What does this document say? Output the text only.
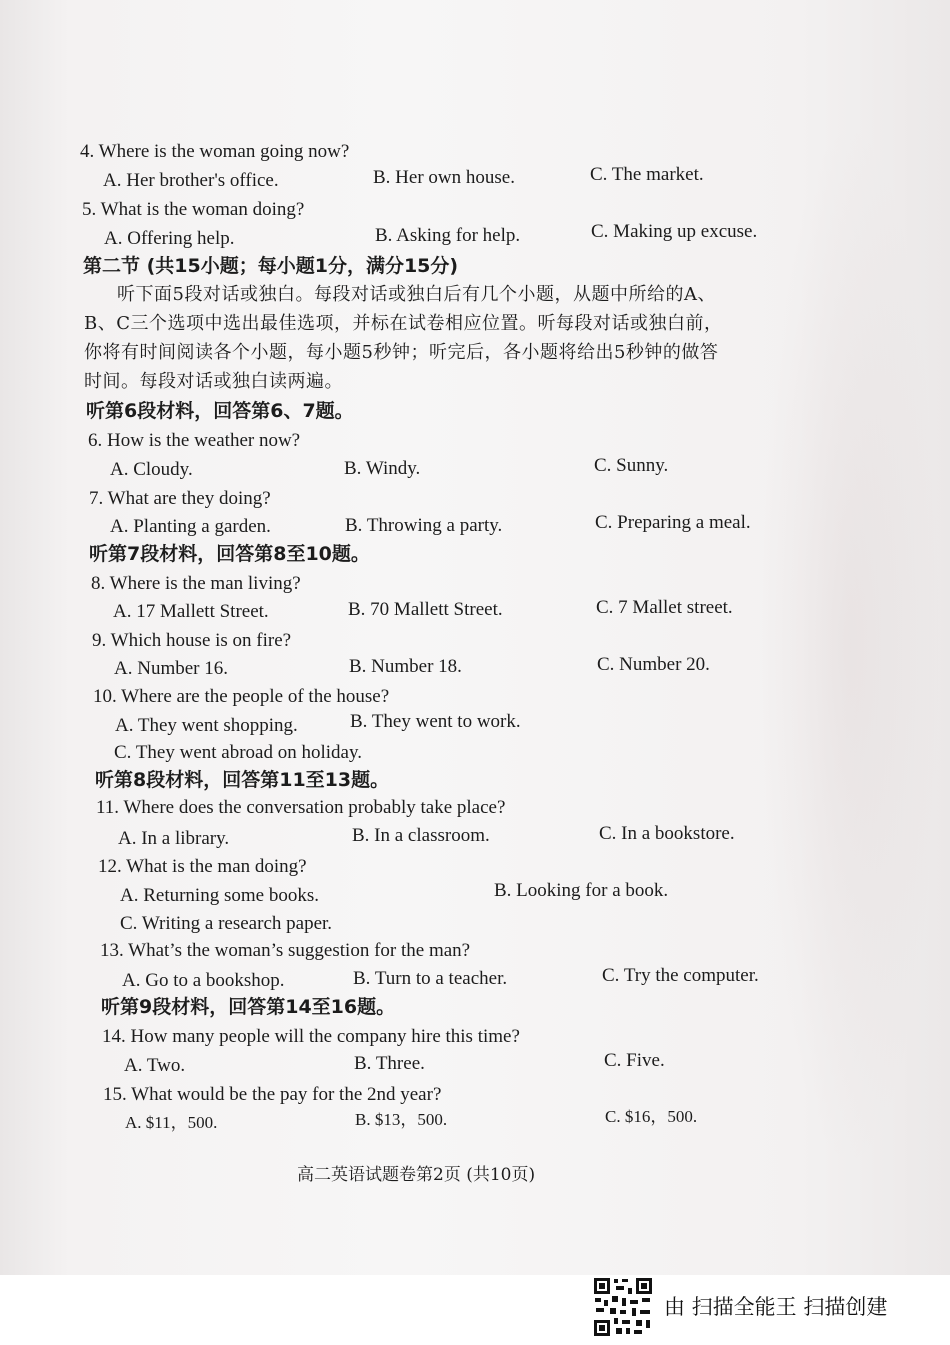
4. Where is the woman going now?
A. Her brother's office.	B. Her own house.	C. The market.
5. What is the woman doing?
A. Offering help.	B. Asking for help.	C. Making up excuse.
第二节 (共15小题；每小题1分，满分15分)
听下面5段对话或独白。每段对话或独白后有几个小题，从题中所给的A、
B、C三个选项中选出最佳选项，并标在试卷相应位置。听每段对话或独白前，
你将有时间阅读各个小题，每小题5秒钟；听完后，各小题将给出5秒钟的做答
时间。每段对话或独白读两遍。
听第6段材料，回答第6、7题。
6. How is the weather now?
A. Cloudy.	B. Windy.	C. Sunny.
7. What are they doing?
A. Planting a garden.	B. Throwing a party.	C. Preparing a meal.
听第7段材料，回答第8至10题。
8. Where is the man living?
A. 17 Mallett Street.	B. 70 Mallett Street.	C. 7 Mallet street.
9. Which house is on fire?
A. Number 16.	B. Number 18.	C. Number 20.
10. Where are the people of the house?
A. They went shopping.	B. They went to work.
C. They went abroad on holiday.
听第8段材料，回答第11至13题。
11. Where does the conversation probably take place?
A. In a library.	B. In a classroom.	C. In a bookstore.
12. What is the man doing?
A. Returning some books.	B. Looking for a book.
C. Writing a research paper.
13. What’s the woman’s suggestion for the man?
A. Go to a bookshop.	B. Turn to a teacher.	C. Try the computer.
听第9段材料，回答第14至16题。
14. How many people will the company hire this time?
A. Two.	B. Three.	C. Five.
15. What would be the pay for the 2nd year?
A. $11，500.	B. $13，500.	C. $16，500.
高二英语试题卷第2页 (共10页)
由 扫描全能王 扫描创建
